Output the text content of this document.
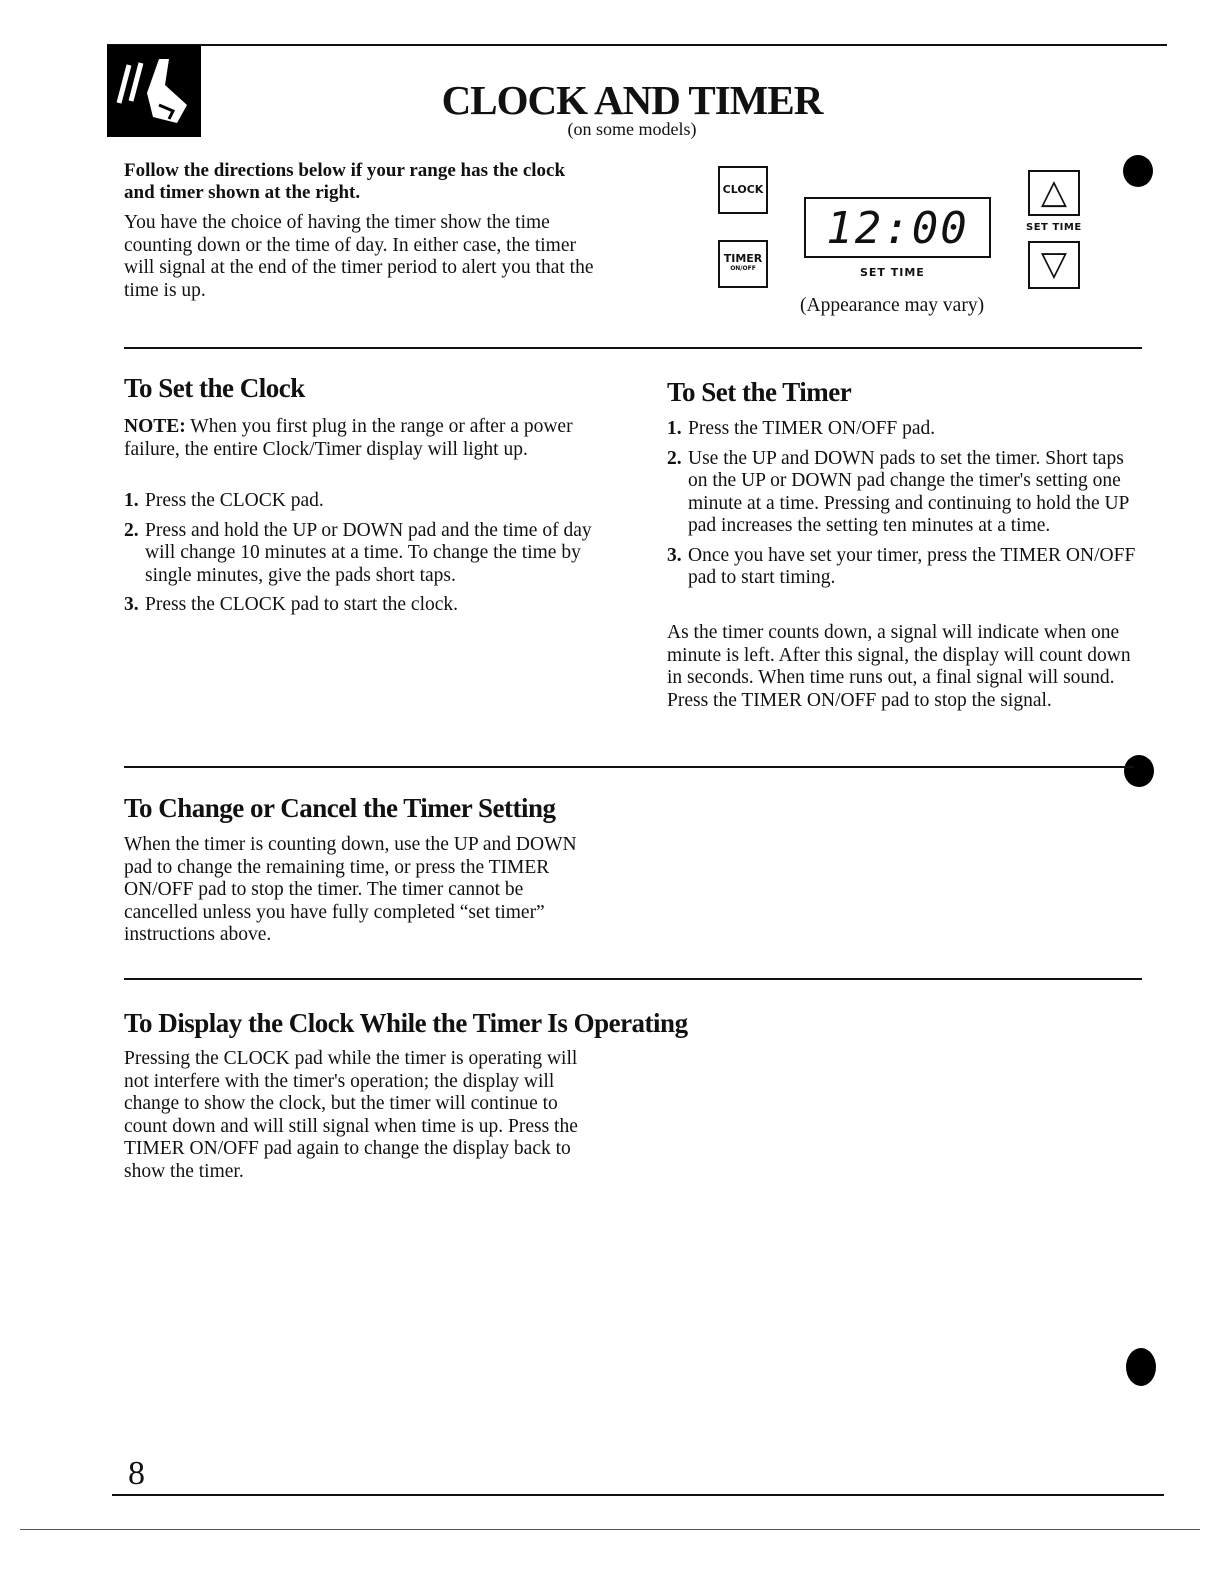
CLOCK AND TIMER
(on some models)
Follow the directions below if your range has the clock and timer shown at the right.
You have the choice of having the timer show the time counting down or the time of day. In either case, the timer will signal at the end of the timer period to alert you that the time is up.
CLOCK
TIMER
ON/OFF
12:00
SET TIME
△
SET TIME
▽
(Appearance may vary)
To Set the Clock
NOTE: When you first plug in the range or after a power failure, the entire Clock/Timer display will light up.
1. Press the CLOCK pad.
2. Press and hold the UP or DOWN pad and the time of day will change 10 minutes at a time. To change the time by single minutes, give the pads short taps.
3. Press the CLOCK pad to start the clock.
To Set the Timer
1. Press the TIMER ON/OFF pad.
2. Use the UP and DOWN pads to set the timer. Short taps on the UP or DOWN pad change the timer's setting one minute at a time. Pressing and continuing to hold the UP pad increases the setting ten minutes at a time.
3. Once you have set your timer, press the TIMER ON/OFF pad to start timing.
As the timer counts down, a signal will indicate when one minute is left. After this signal, the display will count down in seconds. When time runs out, a final signal will sound. Press the TIMER ON/OFF pad to stop the signal.
To Change or Cancel the Timer Setting
When the timer is counting down, use the UP and DOWN pad to change the remaining time, or press the TIMER ON/OFF pad to stop the timer. The timer cannot be cancelled unless you have fully completed “set timer” instructions above.
To Display the Clock While the Timer Is Operating
Pressing the CLOCK pad while the timer is operating will not interfere with the timer's operation; the display will change to show the clock, but the timer will continue to count down and will still signal when time is up. Press the TIMER ON/OFF pad again to change the display back to show the timer.
8
